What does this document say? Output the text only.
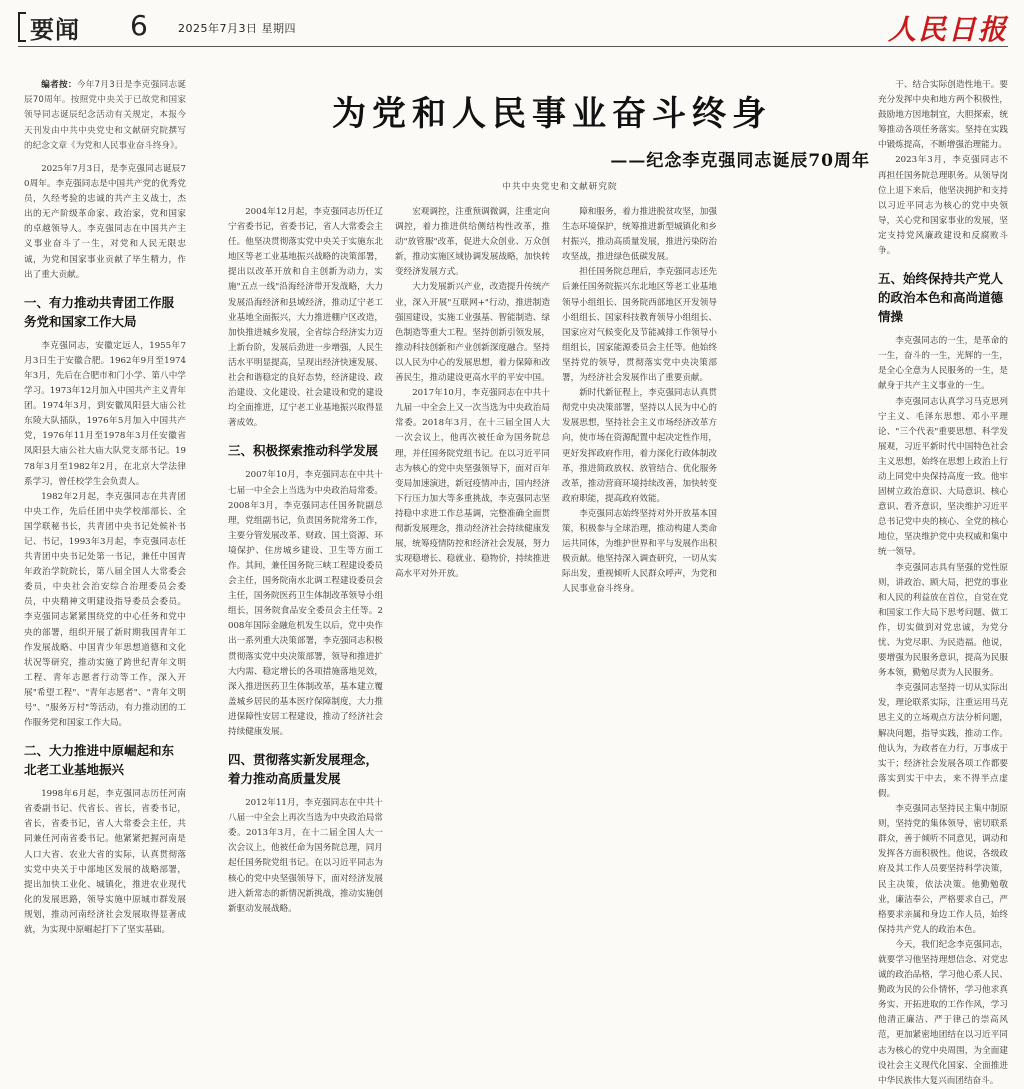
要闻 6	2025年7月3日 星期四	人民日报
为党和人民事业奋斗终身
——纪念李克强同志诞辰70周年
中共中央党史和文献研究院

编者按：今年7月3日是李克强同志诞辰70周年。按照党中央关于已故党和国家领导同志诞辰纪念活动有关规定，本报今天刊发由中共中央党史和文献研究院撰写的纪念文章《为党和人民事业奋斗终身》。

2025年7月3日，是李克强同志诞辰70周年。李克强同志是中国共产党的优秀党员，久经考验的忠诚的共产主义战士，杰出的无产阶级革命家、政治家，党和国家的卓越领导人。李克强同志在中国共产主义事业奋斗了一生，对党和人民无限忠诚，为党和国家事业贡献了毕生精力，作出了重大贡献。

一、有力推动共青团工作服务党和国家工作大局

李克强同志，安徽定远人，1955年7月3日生于安徽合肥。1962年9月至1974年3月，先后在合肥市和门小学、第八中学学习。1973年12月加入中国共产主义青年团。1974年3月，到安徽凤阳县大庙公社东陵大队插队，1976年5月加入中国共产党，1976年11月至1978年3月任安徽省凤阳县大庙公社大庙大队党支部书记。1978年3月至1982年2月，在北京大学法律系学习，曾任校学生会负责人。

1982年2月起，李克强同志在共青团中央工作，先后任团中央学校部部长、全国学联秘书长，共青团中央书记处候补书记、书记，1993年3月起，李克强同志任共青团中央书记处第一书记，兼任中国青年政治学院院长，第八届全国人大常委会委员，中央社会治安综合治理委员会委员，中央精神文明建设指导委员会委员。李克强同志紧紧围绕党的中心任务和党中央的部署，组织开展了新时期我国青年工作发展战略、中国青少年思想道德和文化状况等研究，推动实施了跨世纪青年文明工程、青年志愿者行动等工作，深入开展"希望工程"、"青年志愿者"、"青年文明号"、"服务万村"等活动，有力推动团的工作服务党和国家工作大局。

二、大力推进中原崛起和东北老工业基地振兴

1998年6月起，李克强同志历任河南省委副书记、代省长、省长，省委书记，省长，省委书记，省人大常委会主任，共同兼任河南省委书记。他紧紧把握河南是人口大省、农业大省的实际，认真贯彻落实党中央关于中部地区发展的战略部署，提出加快工业化、城镇化，推进农业现代化的发展思路，领导实施中原城市群发展规划，推动河南经济社会发展取得显著成就，为实现中原崛起打下了坚实基础。

2004年12月起，李克强同志历任辽宁省委书记，省委书记，省人大常委会主任。他坚决贯彻落实党中央关于实施东北地区等老工业基地振兴战略的决策部署，提出以改革开放和自主创新为动力，实施"五点一线"沿海经济带开发战略，大力发展沿海经济和县域经济，推动辽宁老工业基地全面振兴，大力推进棚户区改造，加快推进城乡发展，全省综合经济实力迈上新台阶，发展后劲进一步增强，人民生活水平明显提高，呈现出经济快速发展、社会和谐稳定的良好态势，经济建设、政治建设、文化建设、社会建设和党的建设均全面推进，辽宁老工业基地振兴取得显著成效。

三、积极探索推动科学发展

2007年10月，李克强同志在中共十七届一中全会上当选为中央政治局常委。2008年3月，李克强同志任国务院副总理，党组副书记，负责国务院常务工作，主要分管发展改革、财政、国土资源、环境保护、住房城乡建设、卫生等方面工作。其间，兼任国务院三峡工程建设委员会主任，国务院南水北调工程建设委员会主任，国务院医药卫生体制改革领导小组组长，国务院食品安全委员会主任等。2008年国际金融危机发生以后，党中央作出一系列重大决策部署，李克强同志积极贯彻落实党中央决策部署，领导和推进扩大内需、稳定增长的各项措施落地见效，深入推进医药卫生体制改革，基本建立覆盖城乡居民的基本医疗保障制度，大力推进保障性安居工程建设，推动了经济社会持续健康发展。

四、贯彻落实新发展理念，着力推动高质量发展

2012年11月，李克强同志在中共十八届一中全会上再次当选为中央政治局常委。2013年3月，在十二届全国人大一次会议上，他被任命为国务院总理，同月起任国务院党组书记。在以习近平同志为核心的党中央坚强领导下，面对经济发展进入新常态的新情况新挑战，推动实施创新驱动发展战略。

宏观调控，注重预调微调，注重定向调控，着力推进供给侧结构性改革，推动"放管服"改革，促进大众创业、万众创新，推动实施区域协调发展战略，加快转变经济发展方式。

大力发展新兴产业，改造提升传统产业，深入开展"互联网+"行动，推进制造强国建设，实施工业强基、智能制造、绿色制造等重大工程。坚持创新引领发展，推动科技创新和产业创新深度融合。坚持以人民为中心的发展思想，着力保障和改善民生，推动建设更高水平的平安中国。

2017年10月，李克强同志在中共十九届一中全会上又一次当选为中央政治局常委。2018年3月，在十三届全国人大一次会议上，他再次被任命为国务院总理，并任国务院党组书记。在以习近平同志为核心的党中央坚强领导下，面对百年变局加速演进，新冠疫情冲击，国内经济下行压力加大等多重挑战，李克强同志坚持稳中求进工作总基调，完整准确全面贯彻新发展理念，推动经济社会持续健康发展，统筹疫情防控和经济社会发展，努力实现稳增长、稳就业、稳物价，持续推进高水平对外开放。

障和服务，着力推进脱贫攻坚，加强生态环境保护，统筹推进新型城镇化和乡村振兴，推动高质量发展，推进污染防治攻坚战，推进绿色低碳发展。

担任国务院总理后，李克强同志还先后兼任国务院振兴东北地区等老工业基地领导小组组长、国务院西部地区开发领导小组组长、国家科技教育领导小组组长、国家应对气候变化及节能减排工作领导小组组长，国家能源委员会主任等。他始终坚持党的领导，贯彻落实党中央决策部署，为经济社会发展作出了重要贡献。

新时代新征程上，李克强同志认真贯彻党中央决策部署，坚持以人民为中心的发展思想，坚持社会主义市场经济改革方向，使市场在资源配置中起决定性作用，更好发挥政府作用，着力深化行政体制改革，推进简政放权、放管结合、优化服务改革，推动营商环境持续改善，加快转变政府职能，提高政府效能。

李克强同志始终坚持对外开放基本国策，积极参与全球治理，推动构建人类命运共同体，为维护世界和平与发展作出积极贡献。他坚持深入调查研究，一切从实际出发，重视倾听人民群众呼声，为党和人民事业奋斗终身。

干、结合实际创造性地干。要充分发挥中央和地方两个积极性，鼓励地方因地制宜，大胆探索，统筹推动各项任务落实。坚持在实践中锻炼提高，不断增强治理能力。

2023年3月，李克强同志不再担任国务院总理职务。从领导岗位上退下来后，他坚决拥护和支持以习近平同志为核心的党中央领导，关心党和国家事业的发展，坚定支持党风廉政建设和反腐败斗争。

五、始终保持共产党人的政治本色和高尚道德情操

李克强同志的一生，是革命的一生，奋斗的一生，光辉的一生，是全心全意为人民服务的一生，是献身于共产主义事业的一生。

李克强同志认真学习马克思列宁主义、毛泽东思想、邓小平理论、"三个代表"重要思想、科学发展观，习近平新时代中国特色社会主义思想，始终在思想上政治上行动上同党中央保持高度一致。他牢固树立政治意识、大局意识、核心意识、看齐意识，坚决维护习近平总书记党中央的核心、全党的核心地位，坚决维护党中央权威和集中统一领导。

李克强同志具有坚强的党性原则，讲政治、顾大局，把党的事业和人民的利益放在首位，自觉在党和国家工作大局下思考问题、做工作，切实做到对党忠诚，为党分忧、为党尽职、为民造福。他说，要增强为民服务意识，提高为民服务本领，勤勉尽责为人民服务。

李克强同志坚持一切从实际出发，理论联系实际，注重运用马克思主义的立场观点方法分析问题，解决问题，指导实践，推动工作。他认为，为政者在力行，万事成于实干；经济社会发展各项工作都要落实到实干中去，来不得半点虚假。

李克强同志坚持民主集中制原则，坚持党的集体领导，密切联系群众，善于倾听不同意见，调动和发挥各方面积极性。他说，各级政府及其工作人员要坚持科学决策，民主决策，依法决策。他勤勉敬业，廉洁奉公，严格要求自己，严格要求亲属和身边工作人员，始终保持共产党人的政治本色。

今天，我们纪念李克强同志，就要学习他坚持理想信念、对党忠诚的政治品格，学习他心系人民、勤政为民的公仆情怀，学习他求真务实、开拓进取的工作作风，学习他清正廉洁、严于律己的崇高风范，更加紧密地团结在以习近平同志为核心的党中央周围，为全面建设社会主义现代化国家、全面推进中华民族伟大复兴而团结奋斗。
